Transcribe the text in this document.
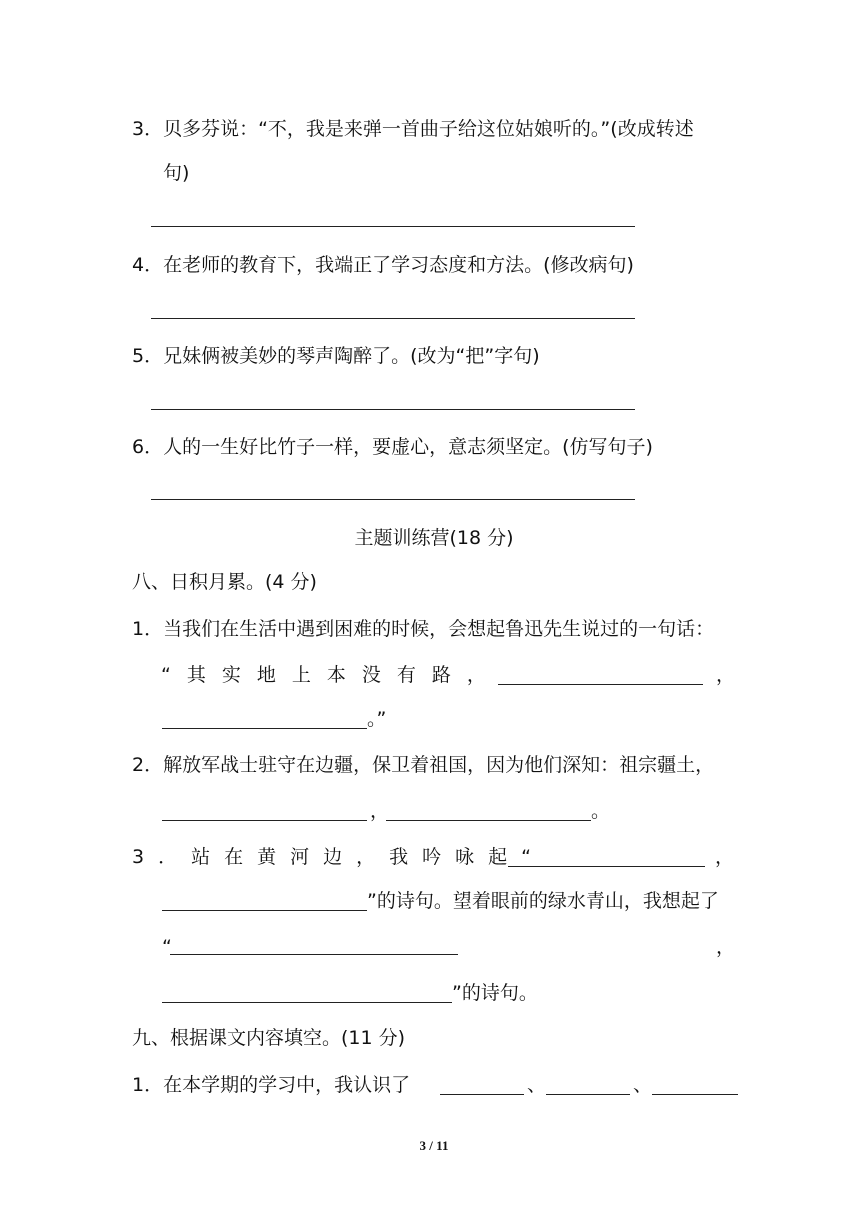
3．贝多芬说：“不，我是来弹一首曲子给这位姑娘听的。”(改成转述
句)
4．在老师的教育下，我端正了学习态度和方法。(修改病句)
5．兄妹俩被美妙的琴声陶醉了。(改为“把”字句)
6．人的一生好比竹子一样，要虚心，意志须坚定。(仿写句子)
主题训练营(18 分)
八、日积月累。(4 分)
1．当我们在生活中遇到困难的时候，会想起鲁迅先生说过的一句话：
“其实地上本没有路，	，
。”
2．解放军战士驻守在边疆，保卫着祖国，因为他们深知：祖宗疆土，
，	。
3．站在黄河边，我吟咏起“	，
”的诗句。望着眼前的绿水青山，我想起了
“	，
”的诗句。
九、根据课文内容填空。(11 分)
1．在本学期的学习中，我认识了	、	、
3 / 11
